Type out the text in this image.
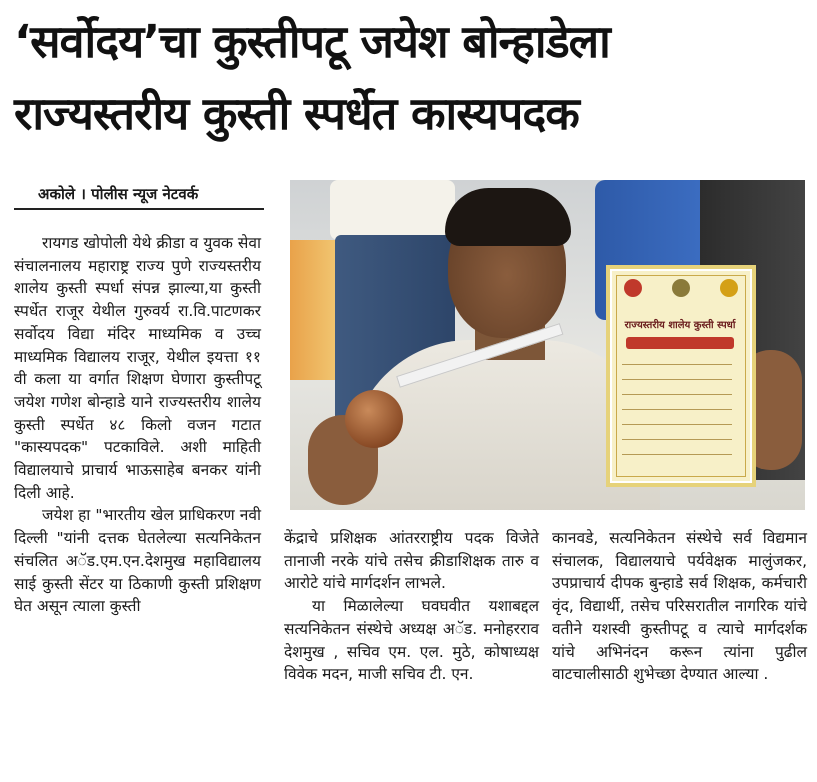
‘सर्वोदय’चा कुस्तीपटू जयेश बोन्हाडेला
राज्यस्तरीय कुस्ती स्पर्धेत कास्यपदक
अकोले । पोलीस न्यूज नेटवर्क

रायगड खोपोली येथे क्रीडा व युवक सेवा संचालनालय महाराष्ट्र राज्य पुणे राज्यस्तरीय शालेय कुस्ती स्पर्धा संपन्न झाल्या,या कुस्ती स्पर्धेत राजूर येथील गुरुवर्य रा.वि.पाटणकर सर्वोदय विद्या मंदिर माध्यमिक व उच्च माध्यमिक विद्यालय राजूर, येथील इयत्ता ११ वी कला या वर्गात शिक्षण घेणारा कुस्तीपटू जयेश गणेश बोन्हाडे याने राज्यस्तरीय शालेय कुस्ती स्पर्धेत ४८ किलो वजन गटात "कास्यपदक" पटकाविले. अशी माहिती विद्यालयाचे प्राचार्य भाऊसाहेब बनकर यांनी दिली आहे.

जयेश हा "भारतीय खेल प्राधिकरण नवी दिल्ली "यांनी दत्तक घेतलेल्या सत्यनिकेतन संचलित अॅड.एम.एन.देशमुख महाविद्यालय साई कुस्ती सेंटर या ठिकाणी कुस्ती प्रशिक्षण घेत असून त्याला कुस्ती

राज्यस्तरीय शालेय कुस्ती स्पर्धा

केंद्राचे प्रशिक्षक आंतरराष्ट्रीय पदक विजेते तानाजी नरके यांचे तसेच क्रीडाशिक्षक तारु व आरोटे यांचे मार्गदर्शन लाभले.

या मिळालेल्या घवघवीत यशाबद्दल सत्यनिकेतन संस्थेचे अध्यक्ष अॅड. मनोहरराव देशमुख , सचिव एम. एल. मुठे, कोषाध्यक्ष विवेक मदन, माजी सचिव टी. एन.

कानवडे, सत्यनिकेतन संस्थेचे सर्व विद्यमान संचालक, विद्यालयाचे पर्यवेक्षक मालुंजकर, उपप्राचार्य दीपक बुन्हाडे सर्व शिक्षक, कर्मचारी वृंद, विद्यार्थी, तसेच परिसरातील नागरिक यांचे वतीने यशस्वी कुस्तीपटू व त्याचे मार्गदर्शक यांचे अभिनंदन करून त्यांना पुढील वाटचालीसाठी शुभेच्छा देण्यात आल्या .
